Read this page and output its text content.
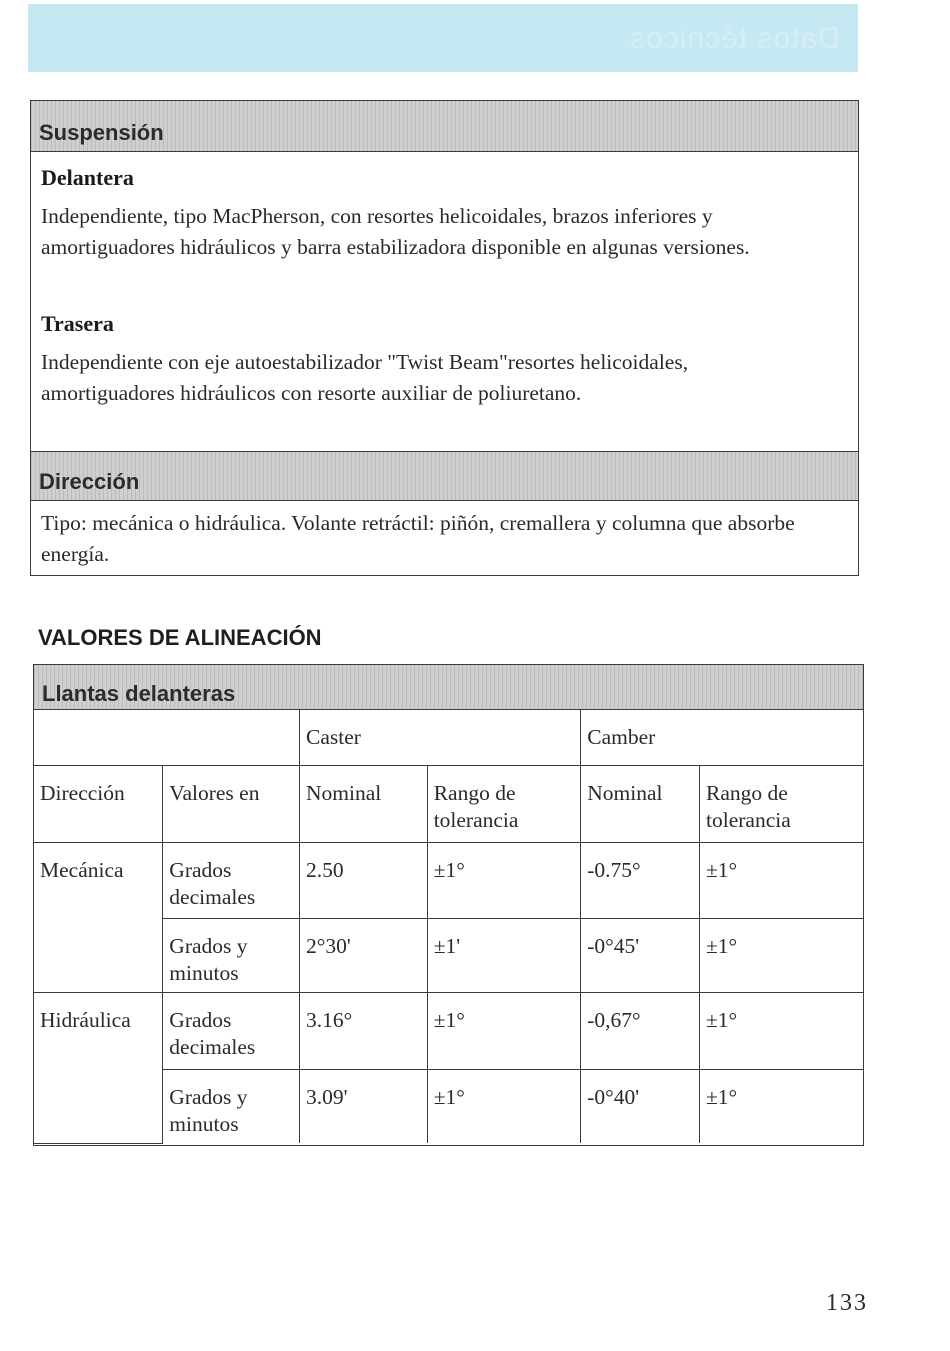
Datos técnicos
Suspensión
Delantera
Independiente, tipo MacPherson, con resortes helicoidales, brazos inferiores y amortiguadores hidráulicos y barra estabilizadora disponible en algunas versiones.
Trasera
Independiente con eje autoestabilizador "Twist Beam"resortes helicoidales, amortiguadores hidráulicos con resorte auxiliar de poliuretano.
Dirección
Tipo: mecánica o hidráulica. Volante retráctil: piñón, cremallera y columna que absorbe energía.
VALORES DE ALINEACIÓN
Llantas delanteras
		Caster		Camber	
Dirección	Valores en	Nominal	Rango de tolerancia	Nominal	Rango de tolerancia
Mecánica	Grados decimales	2.50	±1°	-0.75°	±1°
	Grados y minutos	2°30'	±1'	-0°45'	±1°
Hidráulica	Grados decimales	3.16°	±1°	-0,67°	±1°
	Grados y minutos	3.09'	±1°	-0°40'	±1°
133
